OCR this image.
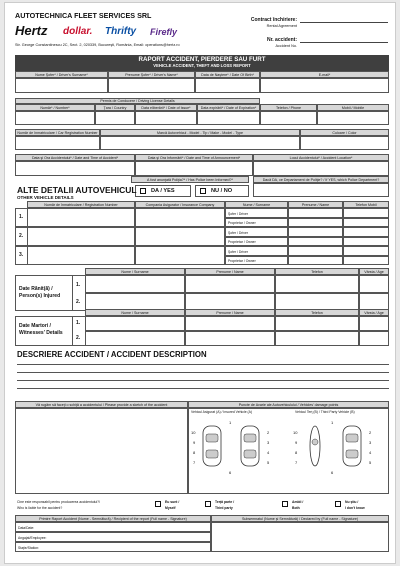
AUTOTECHNICA FLEET SERVICES SRL
Hertz dollar. Thrifty Firefly
Str. George Constantinescu 2C, Sect. 2, 020339, Bucureşti, România, Email: operations@hertz.ro
Contract închiriere:
Rental Agreement
Nr. accident:
Accident No.
RAPORT ACCIDENT, PIERDERE SAU FURT
VEHICLE ACCIDENT, THEFT AND LOSS REPORT
Nume Şofer* / Driver's Surname*	Prenume Şofer* / Driver's Name*	Data de Naştere* / Date Of Birth*	E-mail*
Permis de Conducere / Driving License Details
Număr* / Number*	Ţara / Country	Data eliberării* / Date of Issue*	Data expirării* / Date of Expiration*	Telefon / Phone	Mobil / Mobile
Număr de înmatriculare / Car Registration Number	Marcă Autovehicul - Model - Tip / Make - Model - Type	Culoare / Color
Data şi Ora Accidentului* / Date and Time of Accident*	Data şi Ora Informării* / Date and Time of Announcement*	Locul Accidentului* / Accident Location*
A fost anunţată Poliţia?* / Has Police been Informed?*	Dacă DA, ce Departament de Poliţie? / If YES, which Police Department?
DA / YES	NU / NO
ALTE DETALII AUTOVEHICUL
OTHER VEHICLE DETAILS
Număr de înmatriculare / Registration Number	Compania Asigurator / Insurance Company	Nume / Surname	Prenume / Name	Telefon Mobil
1.	Şofer / Driver
Proprietar / Owner
2.	Şofer / Driver
Proprietar / Owner
3.	Şofer / Driver
Proprietar / Owner
Nume / Surname	Prenume / Name	Telefon	Vârsta / Age
Date Rănit(ă) /
Person(s) Injured
1.
2.
Nume / Surname	Prenume / Name	Telefon	Vârsta / Age
Date Martori /
Witnesses' Details
1.
2.
DESCRIERE ACCIDENT / ACCIDENT DESCRIPTION
Vă rugăm să faceţi o schiţă a accidentului / Please provide a sketch of the accident	Puncte de Avarie ale Autovehiculului / Vehicles' damage points
Vehicul Asigurat (A) / Insured Vehicle (A)	Vehicul Terţ (B) / Third Party Vehicle (B)
1
10
9
8
7
2
3
4
5
6
1
10
9
8
7
2
3
4
5
6
Cine este responsabil pentru producerea accidentului?/
Who is liable for the accident?
Eu sunt /
Myself
Terţă parte /
Third party
Ambii /
Both
Nu ştiu /
I don't know
Primire Raport Accident (Nume - Semnătură) / Recipient of the report (Full name - Signature)	Subsemnatul (Nume şi Semnătură) / Declared by (Full name - Signature)
Data/Date:
Angajat/Employee:
Staţie/Station:
